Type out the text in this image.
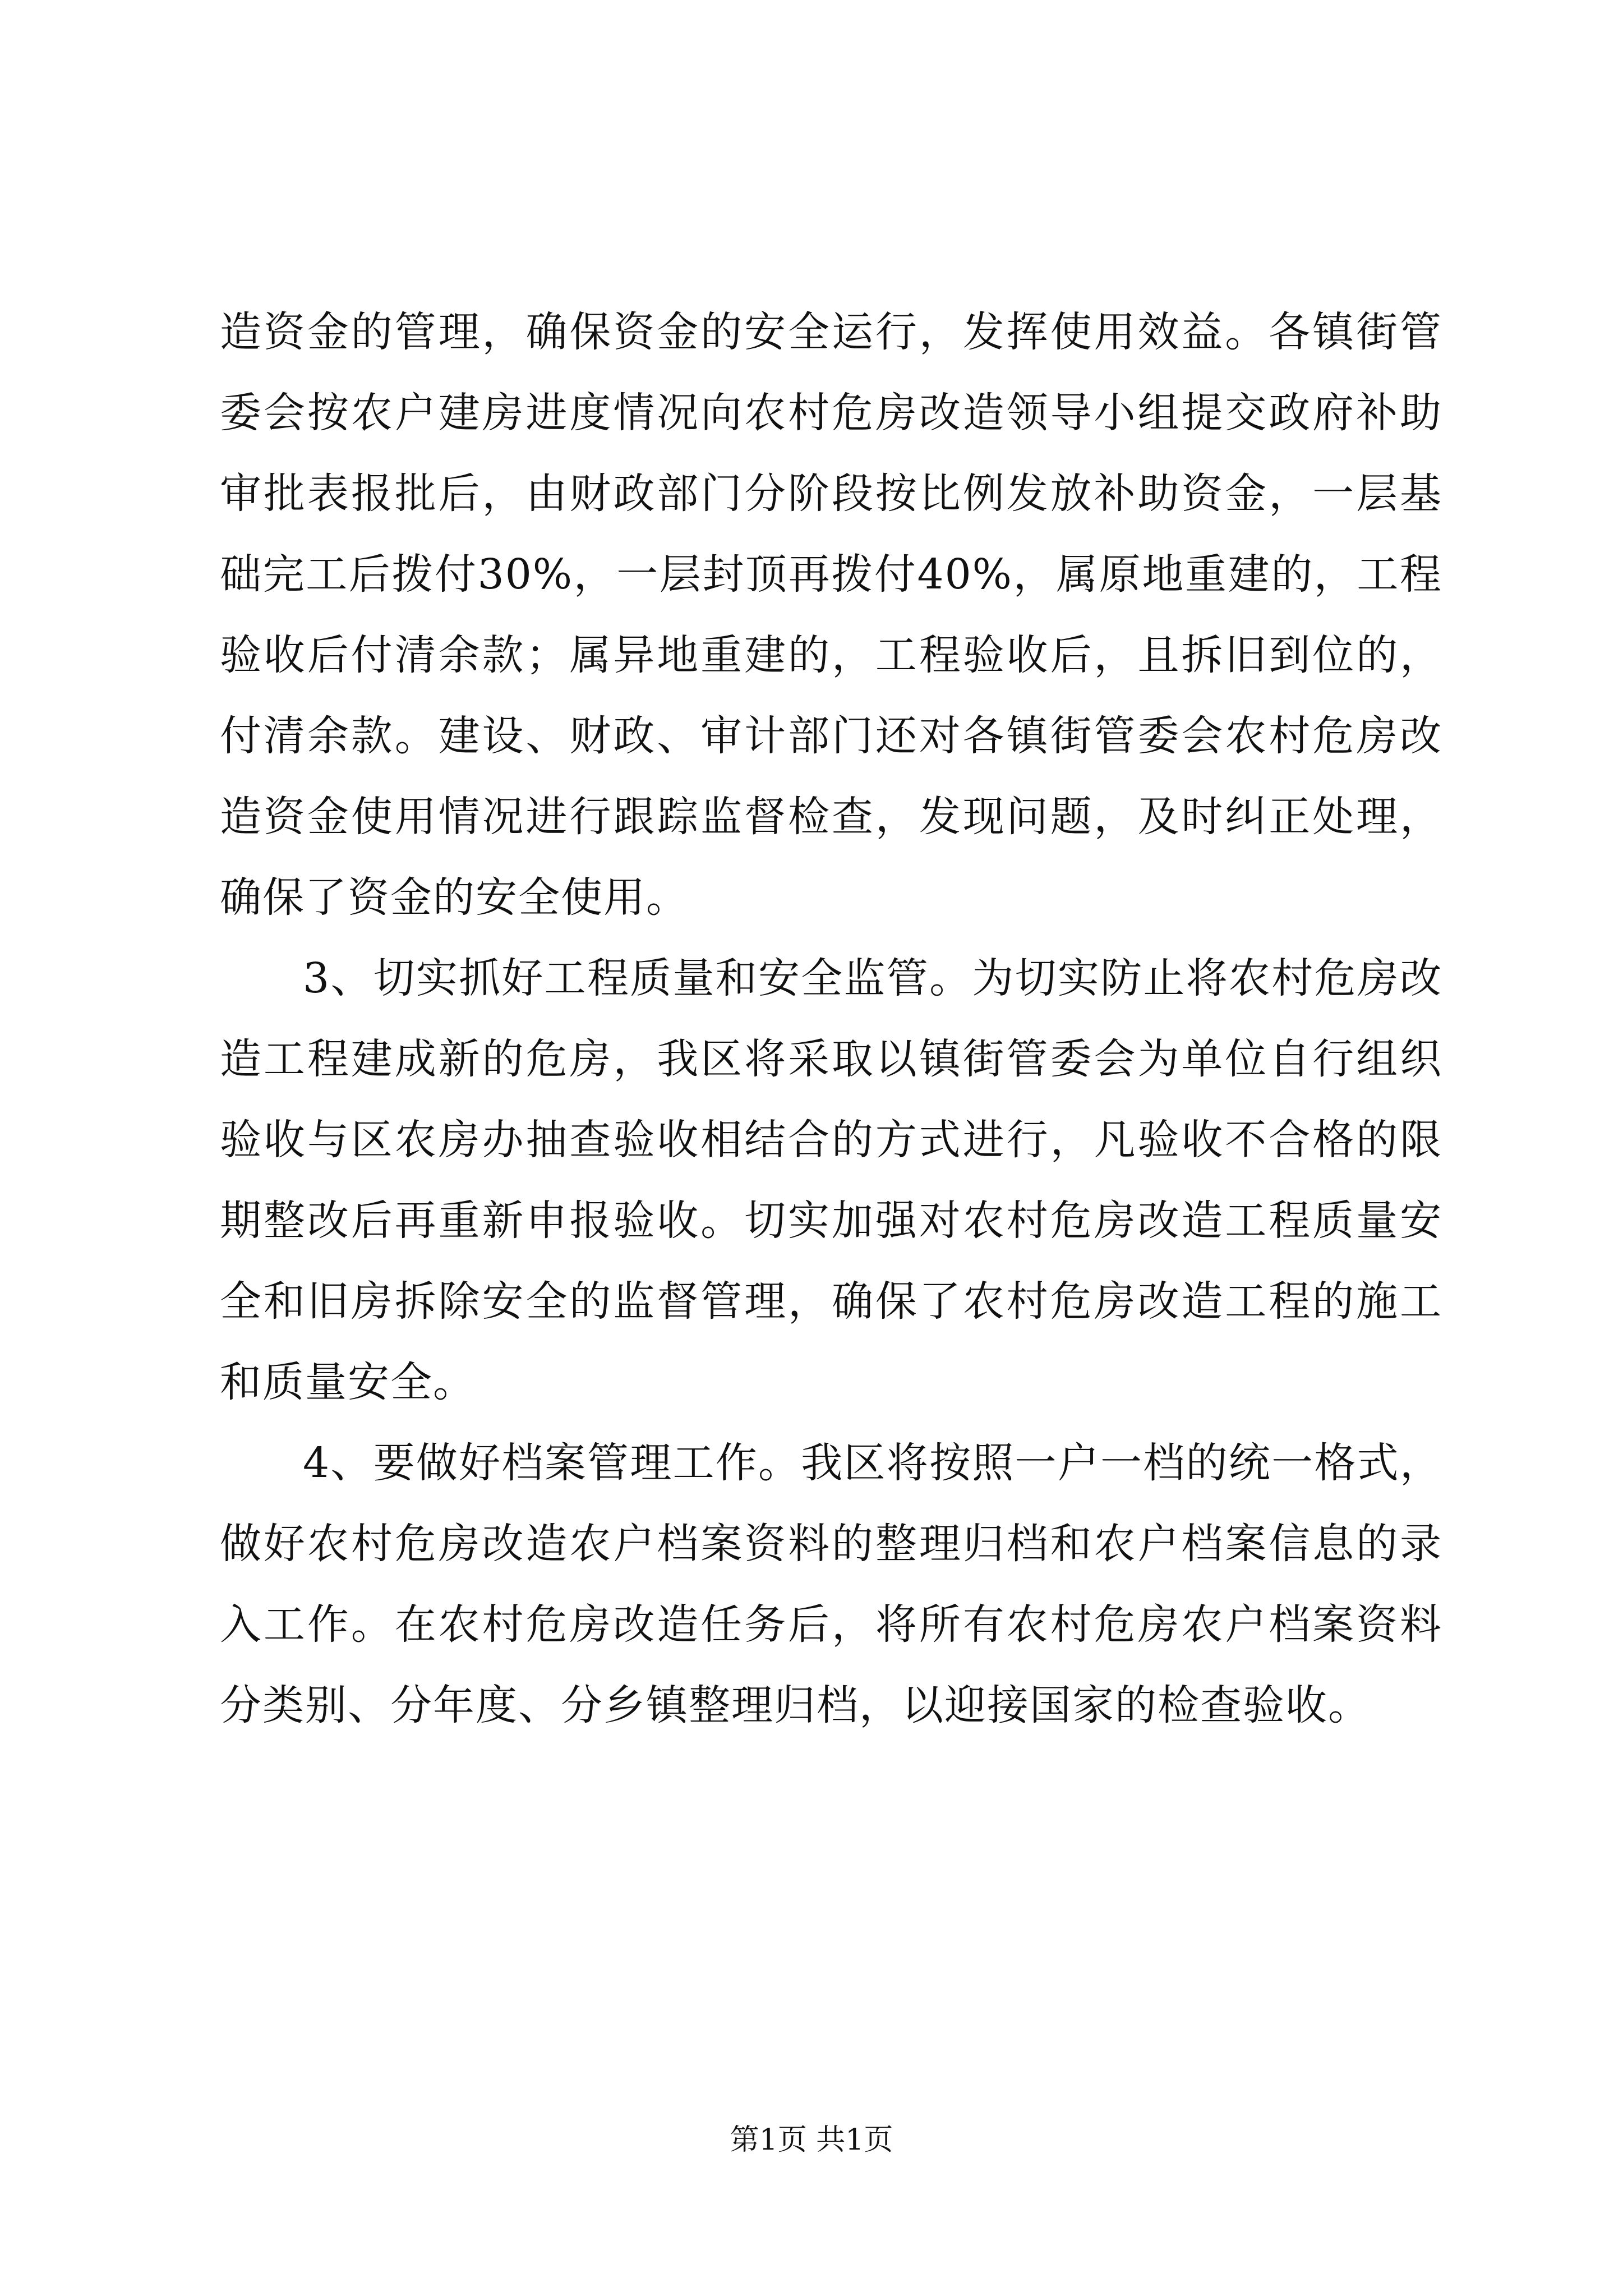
造资金的管理，确保资金的安全运行，发挥使用效益。各镇街管委会按农户建房进度情况向农村危房改造领导小组提交政府补助审批表报批后，由财政部门分阶段按比例发放补助资金，一层基础完工后拨付30%，一层封顶再拨付40%，属原地重建的，工程验收后付清余款；属异地重建的，工程验收后，且拆旧到位的，付清余款。建设、财政、审计部门还对各镇街管委会农村危房改造资金使用情况进行跟踪监督检查，发现问题，及时纠正处理，确保了资金的安全使用。

3、切实抓好工程质量和安全监管。为切实防止将农村危房改造工程建成新的危房，我区将采取以镇街管委会为单位自行组织验收与区农房办抽查验收相结合的方式进行，凡验收不合格的限期整改后再重新申报验收。切实加强对农村危房改造工程质量安全和旧房拆除安全的监督管理，确保了农村危房改造工程的施工和质量安全。

4、要做好档案管理工作。我区将按照一户一档的统一格式，做好农村危房改造农户档案资料的整理归档和农户档案信息的录入工作。在农村危房改造任务后，将所有农村危房农户档案资料分类别、分年度、分乡镇整理归档，以迎接国家的检查验收。

第1页 共1页
